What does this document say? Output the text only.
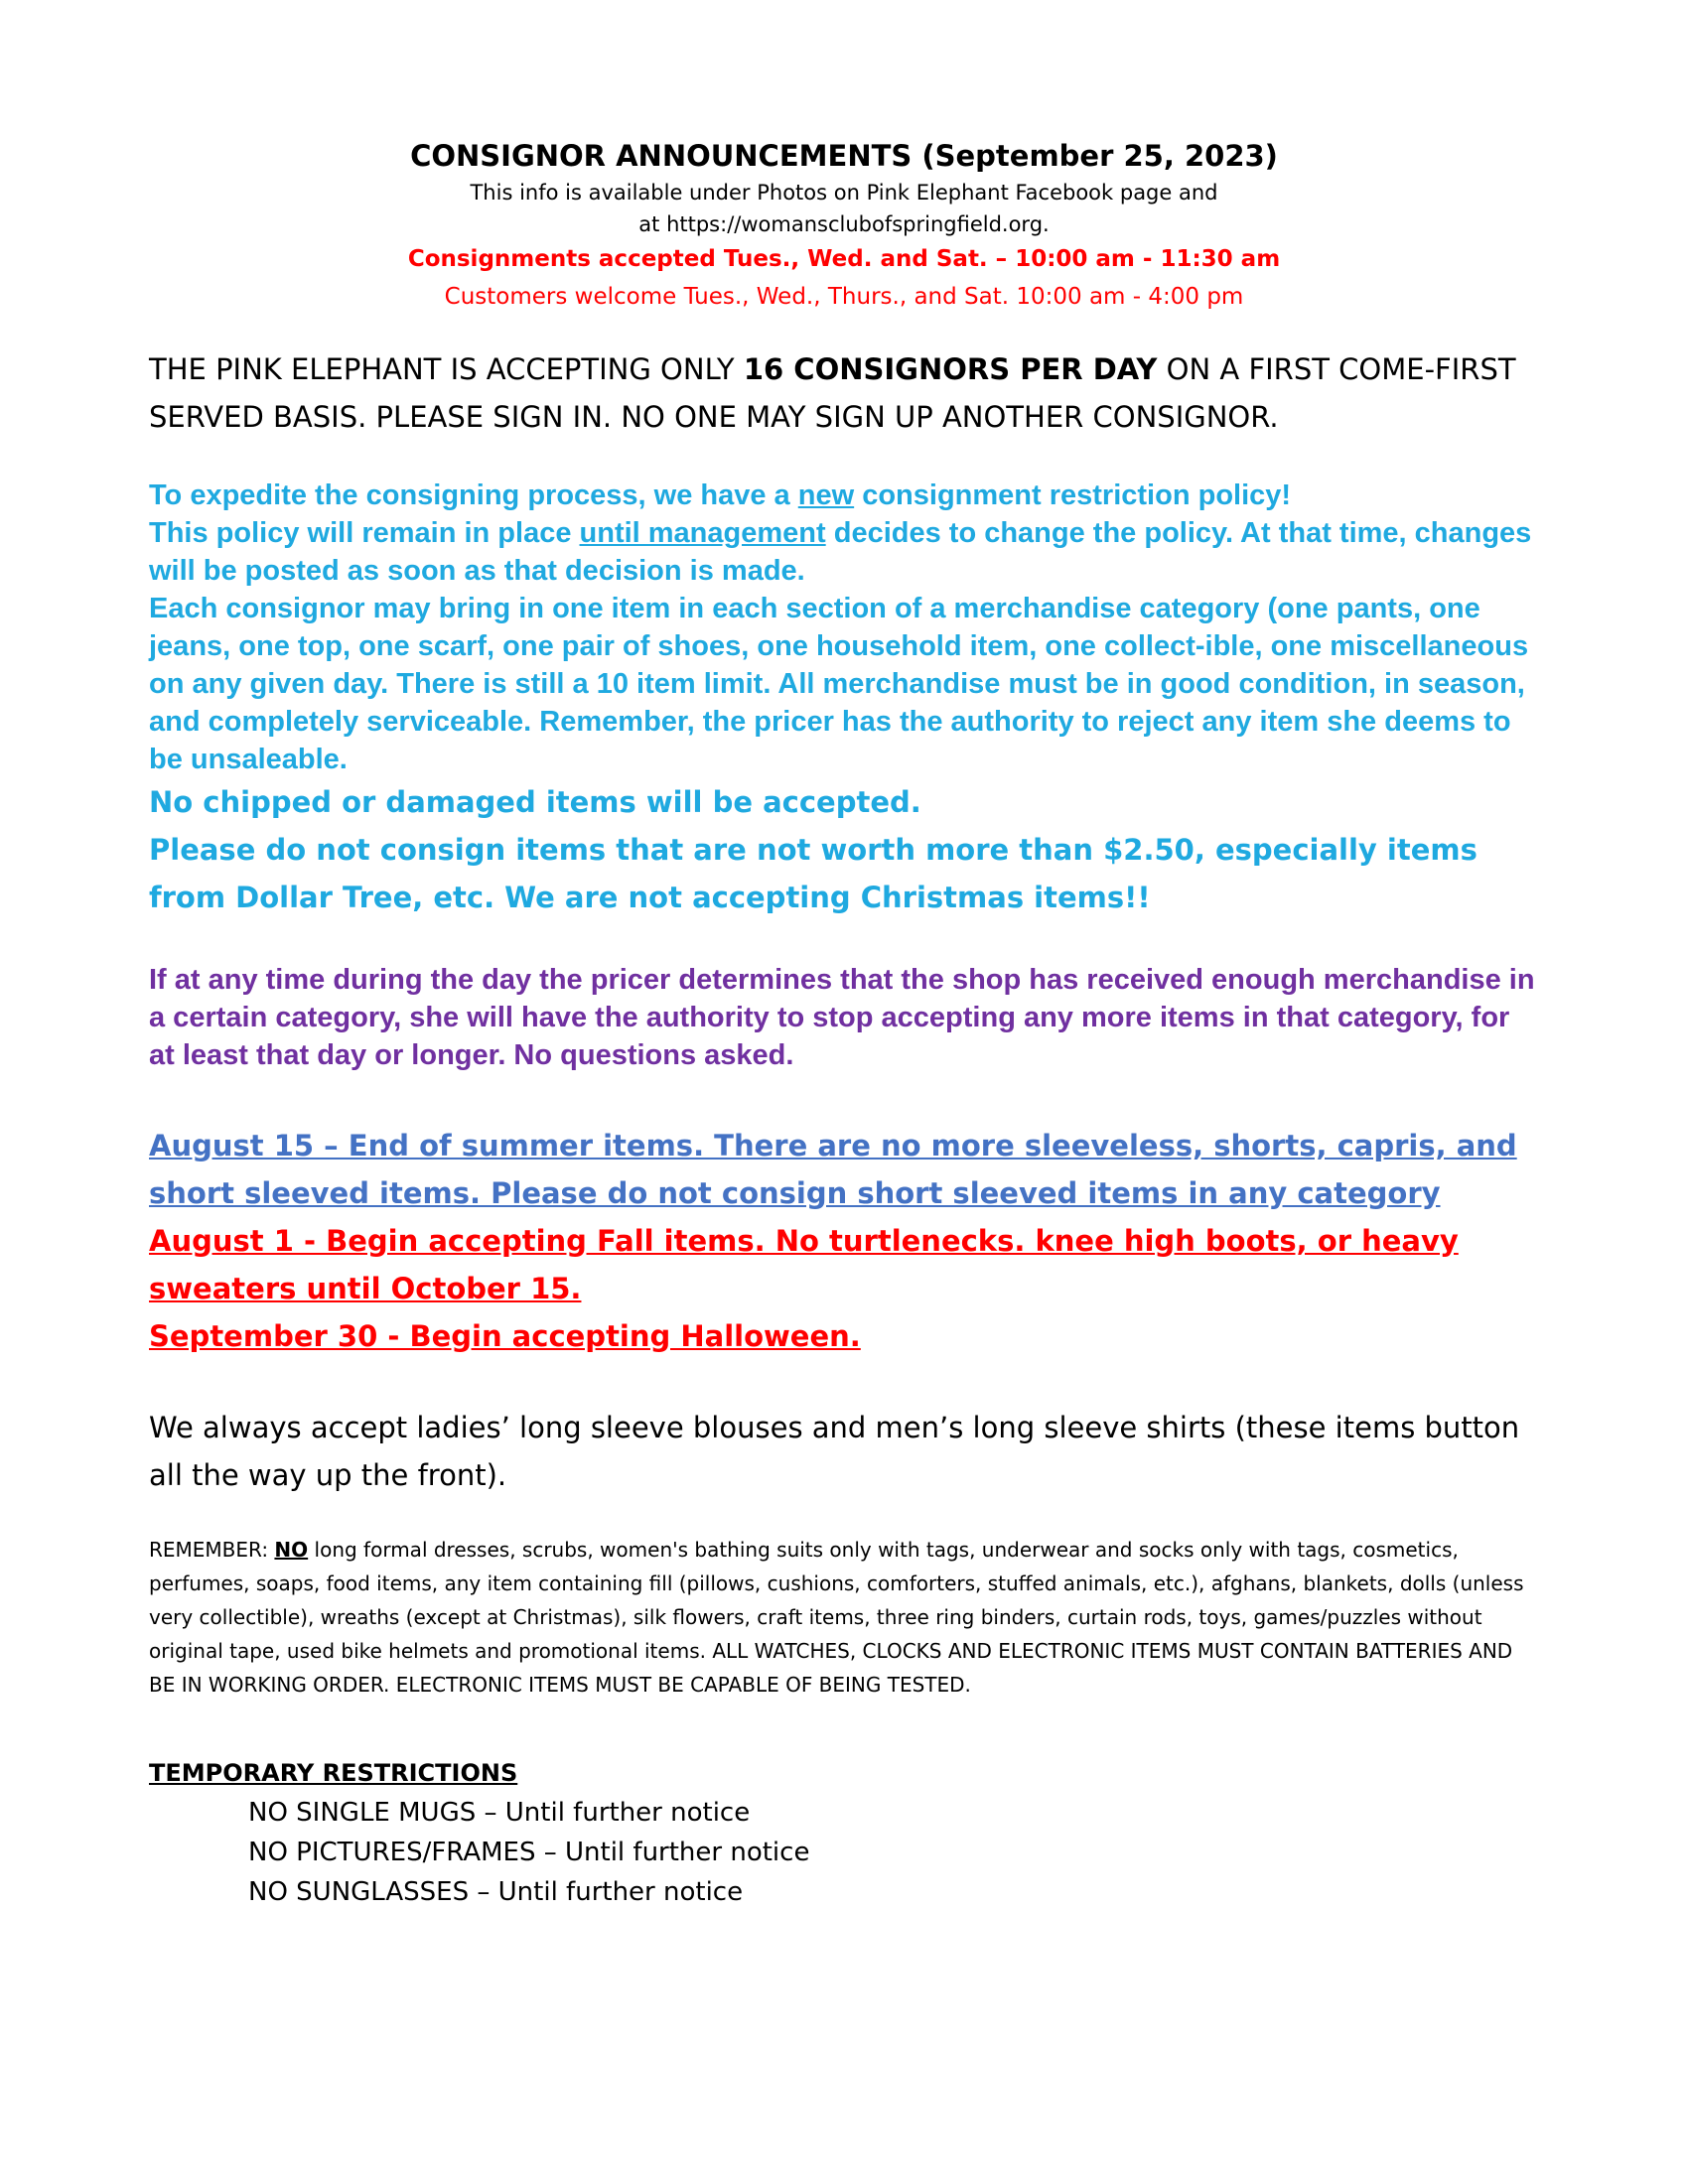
CONSIGNOR ANNOUNCEMENTS (September 25, 2023)

This info is available under Photos on Pink Elephant Facebook page and

at https://womansclubofspringfield.org.

Consignments accepted Tues., Wed. and Sat. – 10:00 am - 11:30 am

Customers welcome Tues., Wed., Thurs., and Sat. 10:00 am - 4:00 pm

THE PINK ELEPHANT IS ACCEPTING ONLY 16 CONSIGNORS PER DAY ON A FIRST COME-FIRST SERVED BASIS. PLEASE SIGN IN. NO ONE MAY SIGN UP ANOTHER CONSIGNOR.

To expedite the consigning process, we have a new consignment restriction policy!
This policy will remain in place until management decides to change the policy. At that time, changes will be posted as soon as that decision is made.
Each consignor may bring in one item in each section of a merchandise category (one pants, one jeans, one top, one scarf, one pair of shoes, one household item, one collect-ible, one miscellaneous on any given day. There is still a 10 item limit. All merchandise must be in good condition, in season, and completely serviceable. Remember, the pricer has the authority to reject any item she deems to be unsaleable.

No chipped or damaged items will be accepted.

Please do not consign items that are not worth more than $2.50, especially items from Dollar Tree, etc. We are not accepting Christmas items!!

If at any time during the day the pricer determines that the shop has received enough merchandise in a certain category, she will have the authority to stop accepting any more items in that category, for at least that day or longer. No questions asked.

August 15 – End of summer items. There are no more sleeveless, shorts, capris, and short sleeved items. Please do not consign short sleeved items in any category

August 1 - Begin accepting Fall items. No turtlenecks. knee high boots, or heavy sweaters until October 15.

September 30 - Begin accepting Halloween.

We always accept ladies’ long sleeve blouses and men’s long sleeve shirts (these items button all the way up the front).

REMEMBER: NO long formal dresses, scrubs, women's bathing suits only with tags, underwear and socks only with tags, cosmetics, perfumes, soaps, food items, any item containing fill (pillows, cushions, comforters, stuffed animals, etc.), afghans, blankets, dolls (unless very collectible), wreaths (except at Christmas), silk flowers, craft items, three ring binders, curtain rods, toys, games/puzzles without original tape, used bike helmets and promotional items. ALL WATCHES, CLOCKS AND ELECTRONIC ITEMS MUST CONTAIN BATTERIES AND BE IN WORKING ORDER. ELECTRONIC ITEMS MUST BE CAPABLE OF BEING TESTED.

TEMPORARY RESTRICTIONS
NO SINGLE MUGS – Until further notice
NO PICTURES/FRAMES – Until further notice
NO SUNGLASSES – Until further notice
